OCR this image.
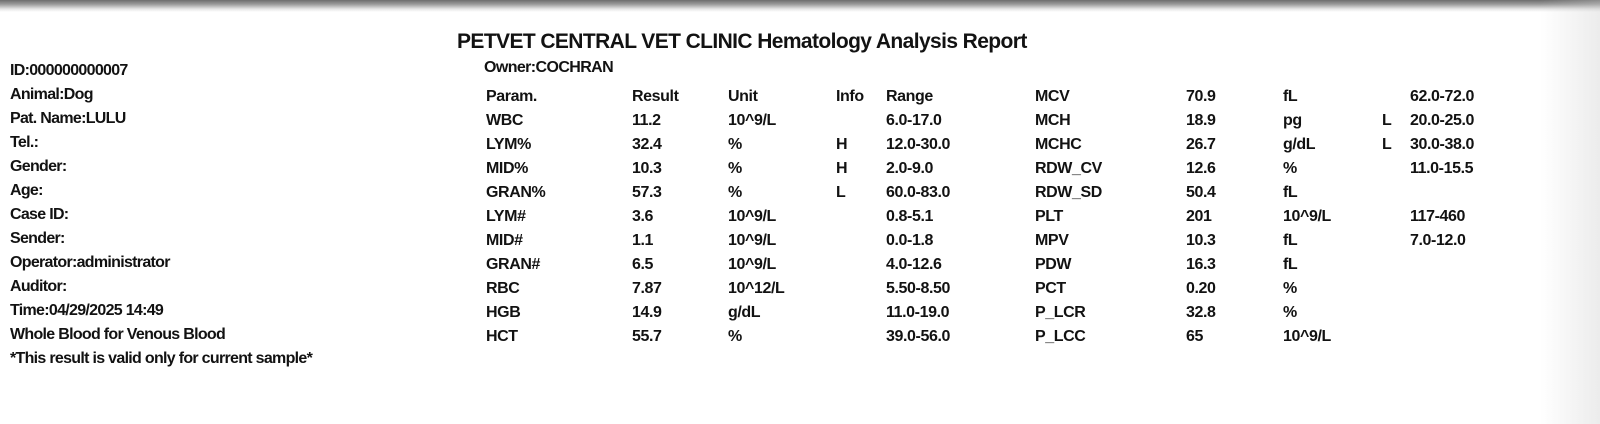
PETVET CENTRAL VET CLINIC Hematology Analysis Report
Owner:COCHRAN
ID:000000000007
Animal:Dog
Pat. Name:LULU
Tel.:
Gender:
Age:
Case ID:
Sender:
Operator:administrator
Auditor:
Time:04/29/2025 14:49
Whole Blood for Venous Blood
*This result is valid only for current sample*
Param.
WBC
LYM%
MID%
GRAN%
LYM#
MID#
GRAN#
RBC
HGB
HCT
Result
11.2
32.4
10.3
57.3
3.6
1.1
6.5
7.87
14.9
55.7
Unit
10^9/L
%
%
%
10^9/L
10^9/L
10^9/L
10^12/L
g/dL
%
Info
H
H
L
Range
6.0-17.0
12.0-30.0
2.0-9.0
60.0-83.0
0.8-5.1
0.0-1.8
4.0-12.6
5.50-8.50
11.0-19.0
39.0-56.0
MCV
MCH
MCHC
RDW_CV
RDW_SD
PLT
MPV
PDW
PCT
P_LCR
P_LCC
70.9
18.9
26.7
12.6
50.4
201
10.3
16.3
0.20
32.8
65
fL
pg
g/dL
%
fL
10^9/L
fL
fL
%
%
10^9/L
L
L
62.0-72.0
20.0-25.0
30.0-38.0
11.0-15.5
117-460
7.0-12.0
